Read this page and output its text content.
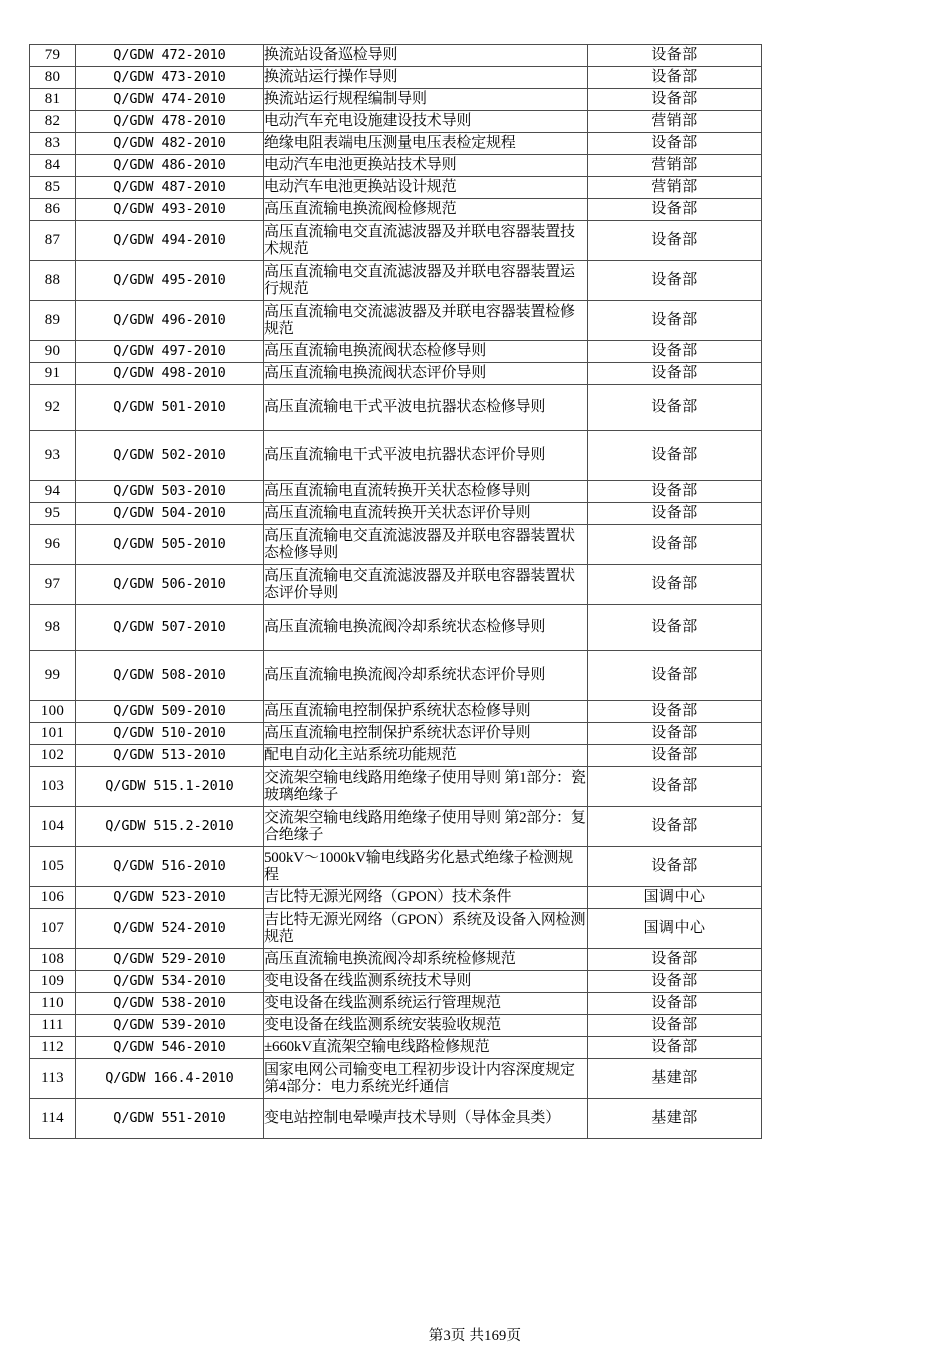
79	Q/GDW 472-2010	换流站设备巡检导则	设备部
80	Q/GDW 473-2010	换流站运行操作导则	设备部
81	Q/GDW 474-2010	换流站运行规程编制导则	设备部
82	Q/GDW 478-2010	电动汽车充电设施建设技术导则	营销部
83	Q/GDW 482-2010	绝缘电阻表端电压测量电压表检定规程	设备部
84	Q/GDW 486-2010	电动汽车电池更换站技术导则	营销部
85	Q/GDW 487-2010	电动汽车电池更换站设计规范	营销部
86	Q/GDW 493-2010	高压直流输电换流阀检修规范	设备部
87	Q/GDW 494-2010	高压直流输电交直流滤波器及并联电容器装置技术规范	设备部
88	Q/GDW 495-2010	高压直流输电交直流滤波器及并联电容器装置运行规范	设备部
89	Q/GDW 496-2010	高压直流输电交流滤波器及并联电容器装置检修规范	设备部
90	Q/GDW 497-2010	高压直流输电换流阀状态检修导则	设备部
91	Q/GDW 498-2010	高压直流输电换流阀状态评价导则	设备部
92	Q/GDW 501-2010	高压直流输电干式平波电抗器状态检修导则	设备部
93	Q/GDW 502-2010	高压直流输电干式平波电抗器状态评价导则	设备部
94	Q/GDW 503-2010	高压直流输电直流转换开关状态检修导则	设备部
95	Q/GDW 504-2010	高压直流输电直流转换开关状态评价导则	设备部
96	Q/GDW 505-2010	高压直流输电交直流滤波器及并联电容器装置状态检修导则	设备部
97	Q/GDW 506-2010	高压直流输电交直流滤波器及并联电容器装置状态评价导则	设备部
98	Q/GDW 507-2010	高压直流输电换流阀冷却系统状态检修导则	设备部
99	Q/GDW 508-2010	高压直流输电换流阀冷却系统状态评价导则	设备部
100	Q/GDW 509-2010	高压直流输电控制保护系统状态检修导则	设备部
101	Q/GDW 510-2010	高压直流输电控制保护系统状态评价导则	设备部
102	Q/GDW 513-2010	配电自动化主站系统功能规范	设备部
103	Q/GDW 515.1-2010	交流架空输电线路用绝缘子使用导则 第1部分：瓷玻璃绝缘子	设备部
104	Q/GDW 515.2-2010	交流架空输电线路用绝缘子使用导则 第2部分：复合绝缘子	设备部
105	Q/GDW 516-2010	500kV～1000kV输电线路劣化悬式绝缘子检测规程	设备部
106	Q/GDW 523-2010	吉比特无源光网络（GPON）技术条件	国调中心
107	Q/GDW 524-2010	吉比特无源光网络（GPON）系统及设备入网检测规范	国调中心
108	Q/GDW 529-2010	高压直流输电换流阀冷却系统检修规范	设备部
109	Q/GDW 534-2010	变电设备在线监测系统技术导则	设备部
110	Q/GDW 538-2010	变电设备在线监测系统运行管理规范	设备部
111	Q/GDW 539-2010	变电设备在线监测系统安装验收规范	设备部
112	Q/GDW 546-2010	±660kV直流架空输电线路检修规范	设备部
113	Q/GDW 166.4-2010	国家电网公司输变电工程初步设计内容深度规定 第4部分：电力系统光纤通信	基建部
114	Q/GDW 551-2010	变电站控制电晕噪声技术导则（导体金具类）	基建部
第3页 共169页
